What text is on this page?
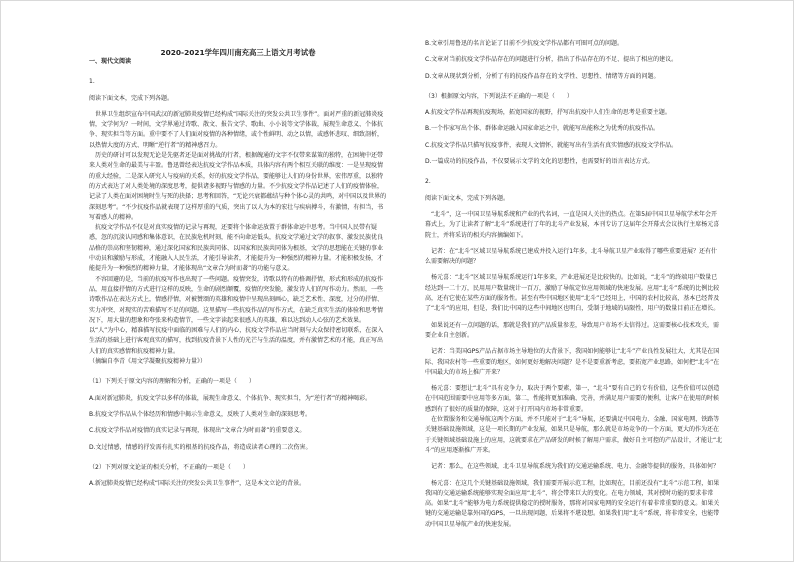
2020-2021学年四川南充高三上语文月考试卷

一、现代文阅读

1.

阅读下面文本，完成下列各题。

世界卫生组织宣布中国武汉的新冠肺炎疫情已经构成“国际关注的突发公共卫生事件”。面对严重的新冠肺炎疫情，文学何为？一时间，文学界通过诗歌、散文、报告文学、歌曲、小小说等文学体裁，展现生命意义、个体抗争、现实担当等方面。重中要不了人们面对疫情的各种情绪，或个性鲜明、动之以情，或感怀悲叹、细致剖析，以热情大度的方式、明晰“逆行者”的精神感召力。

历史的研讨可以发现无论是先驱者还是面对挑战的行者，根据魄通的文字不仅带来谋策的独特，在困境中还带来人类对生命的最美与丰盈。鲁迅曾经表达抗疫文学作品本质，具体内容有两个相互关联的维度：一是呈现疫情的重大经验，二是深入研究人与疫病的关系，好的抗疫文学作品，要能够让人们的身份世界，宏伟厚重，以独特的方式表达了对人类处境的深度思考，提供诸多视野与情感的力量。不少抗疫文学作品记述了人们的疫情体验，记录了人类在面对困境时生与死的抉择；思考和回答，“无论兴衰都蕴结与种个体心灵的共鸣，对中国以及世界的深刻思考”。“不少抗疫作品就表现了这样厚重的气质，突出了以人为本的宏壮与疾病搏斗，有激情，有担当，书写着感人的精神。

抗疫文学作品不仅是对真实疫情的记录与再现，还要将个体命运放置于群体命运中思考。当中国人民带有疑惑，忽的沉淡认同感和集体意识，在民族危机时刻，能不向命运低头，抗疫文学通过文学的叙事、激发民族优良品格的崇高和坚韧精神，通过深化国家和民族共同体、以国家和民族共同体为根基，文学的思想能在关键的事业中动员和激励与形成，才能融入人民生活，才能引导读者，才能提升为一种强烈的精神力量。才能积极发扬，才能提升为一种强烈的精神力量，才能体现出“文章合为时而著”的功能与意义。

不容回避的是，当前的抗疫写作也出现了一些问题。疫情突发，诗歌以特有的格调抒情，形式和形成的抗疫作品，用直接抒情的方式进行这样的反映，生命的剧烈颠覆，疫情的突发脆，激发诗人们的写作动力。然而，一些诗歌作品在表达方式上，情感抒情，对被赞颂的英雄和疫情中呈现出刻画心，缺乏艺术性、深度，过分的抒情、实力冲突、对现实的苦难描写不足的问题。这里描写一些抗疫作品的写作方式，在缺乏真实生活的体验和思考情况下，用大量的想象和夸张来构造情节，一些文字读起来很感人的英雄，难以达到动人心弦的艺术效果。以“人”为中心，精准描写抗疫中面临的困难与人们的内心，抗疫文学作品应当时刻与大众保持密切联系，在深入生活的基础上进行客观真实的描写，找到抗疫背景下人性的光芒与生活的温度，并有激情艺术的才能，真正写出人们的真实感情和抗疫精神力量。

（摘编自李青《用文学凝聚抗疫精神力量》）

（1）下列关于原文内容的理解和分析，正确的一项是（　　）

A.面对新冠肺炎，抗疫文学以多样的体裁，展现生命意义、个体抗争、现实担当，为“逆行者”的精神喝彩。

B.抗疫文学作品从个体经历和情感中揭示生命意义，反映了人类对生命的深刻思考。

C.抗疫文学作品对疫情的真实记录与再现，体现出“文章合为时而著”的重要意义。

D.文过情感，情感的抒发需有扎实的根基的抗疫作品，将造成读者心理的二次伤害。

（2）下列对原文论证的相关分析，不正确的一项是（　　）

A.新冠肺炎疫情已经构成“国际关注的突发公共卫生事件”，这是本文立论的背景。

B.文章引用鲁迅的名言论证了目前不少抗疫文学作品都有可圈可点的问题。

C.文章对当前抗疫文学作品存在的问题进行分析，指出了作品存在的不足、提出了相应的建议。

D.文章从现状到分析，分析了有的抗疫作品存在的文学性、思想性、情绪等方面的问题。

（3）根据原文内容，下列说法不正确的一项是（　　）

A.抗疫文学作品再现抗疫现场，拓宽国家的视野，抒写出抗疫中人们生命的思考是重要主题。

B.一个作家写出个体、群体命运融入国家命运之中，就能写出能称之为优秀的抗疫作品。

C.抗疫文学作品只描写抗疫事件，表现人文情怀，就能写出有生活有真实情感的抗疫文学作品。

D.一篇成功的抗疫作品，不仅要展示文学的文化的思想性，也需要好的语言表达方式。

2.

阅读下面文本，完成下列各题。

“北斗”，这一中国卫星导航系统和产业的代名词，一直是国人关注的热点。在第5届中国卫星导航学术年会开幕式上，为了让读者了解“北斗”系统进行了年的北斗产业发展，本刊专访了这届年会开幕式会议执行主席杨元喜院士，并将采访的相关内容摘编如下。

记者：在“北斗”区域卫星导航系统已建成并投入运行1年多，北斗导航卫星产业取得了哪些重要进展？还有什么需要解决的问题？

杨元喜：“北斗”区域卫星导航系统运行1年多来，产业进展还是比较快的。比如说，“北斗”的终端用户数量已经达到一二十万，民用用户数量统计一百万，激励了导航定位应用领域的快速发展。应用“北斗”系统的比例比较高，还有它使在某些方面的服务性。甚至有些中国地区使用“北斗”已经用上，中国的农村比较高，基本已经普及了“北斗”的应用，但是，我们比中国的这些中间地区也明白，受制于地域的局限性，用户的数量目前正在增长。

如果说还有一点问题的话，那就是我们的产品质量参差，导致用户市场不太信得过。这需要核心技术攻关，需要企业自主创新。

记者：当美国GPS产品占据市场主导地位的大背景下，我国如何能够让“北斗”产业良性发展壮大，尤其是在国际、我国农村等一些重要的地区，如何更好地解决问题？是不是要重新考虑，要拓宽产业思路，如何把“北斗”在中国最大的市场上推广开来？

杨元喜：要想让“北斗”具有竞争力，取决于两个要素，第一，“北斗”要有自己的专有价值，这些价值可以创造在中国范围需要中应用等多方面，第二，性能将更加准确、完善，并满足用户需要的便利，让客户在使用的时候感到有了很好的质量的保障，这对于打开国内市场非常重要。

在位置服务和交通导航这两个方面，并不只能对于“北斗”导航，还要满足中国电力、金融、国家电网、铁路等关键基础设施领域，这是一项长期的产业发展，如果只是导航，那么就是市场竞争的一个方面，更大的作为还在于关键领域基础设施上的应用，这就要求在产品研发的时候了解用户需求，做好自主可控的产品设计，才能让“北斗”的应用逐渐推广开来。

记者：那么，在这些领域，北斗卫星导航系统为我们的交通运输系统、电力、金融等提供的服务，具体如何？

杨元喜：在这几个关键基础设施领域，我们需要开展示范工程，比如现在，目前还没有“北斗”示范工程，如果我国的交通运输系统能够实现全面应用“北斗”、将会带来巨大的变化。在电力领域，其对授时功能的要求非常高。如果“北斗”能够为电力系统提供稳定的授时服务，那将对国家电网的安全运行有着非常重要的意义。如果关键的交通运输是靠外国的GPS，一旦出现问题，后果将不堪设想。如果我们用“北斗”系统，将非常安全，也能带动中国卫星导航产业的快速发展。
